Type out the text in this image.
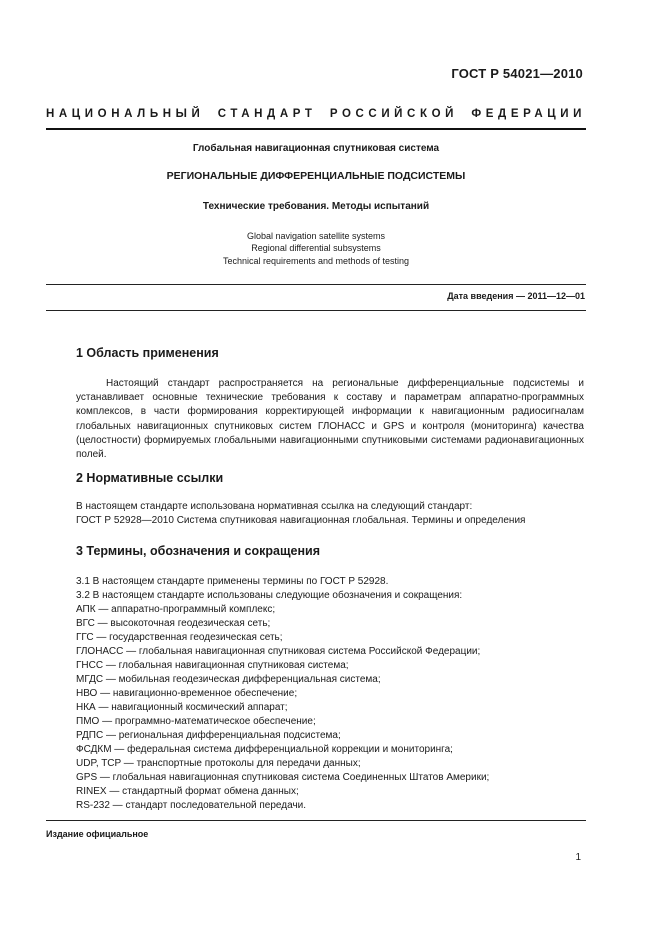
ГОСТ Р 54021—2010
НАЦИОНАЛЬНЫЙ СТАНДАРТ РОССИЙСКОЙ ФЕДЕРАЦИИ
Глобальная навигационная спутниковая система
РЕГИОНАЛЬНЫЕ ДИФФЕРЕНЦИАЛЬНЫЕ ПОДСИСТЕМЫ
Технические требования. Методы испытаний
Global navigation satellite systems
Regional differential subsystems
Technical requirements and methods of testing
Дата введения — 2011—12—01
1 Область применения
Настоящий стандарт распространяется на региональные дифференциальные подсистемы и устанавливает основные технические требования к составу и параметрам аппаратно-программных комплексов, в части формирования корректирующей информации к навигационным радиосигналам глобальных навигационных спутниковых систем ГЛОНАСС и GPS и контроля (мониторинга) качества (целостности) формируемых глобальными навигационными спутниковыми системами радионавигационных полей.
2 Нормативные ссылки
В настоящем стандарте использована нормативная ссылка на следующий стандарт:
ГОСТ Р 52928—2010 Система спутниковая навигационная глобальная. Термины и определения
3 Термины, обозначения и сокращения
3.1 В настоящем стандарте применены термины по ГОСТ Р 52928.
3.2 В настоящем стандарте использованы следующие обозначения и сокращения:
АПК — аппаратно-программный комплекс;
ВГС — высокоточная геодезическая сеть;
ГГС — государственная геодезическая сеть;
ГЛОНАСС — глобальная навигационная спутниковая система Российской Федерации;
ГНСС — глобальная навигационная спутниковая система;
МГДС — мобильная геодезическая дифференциальная система;
НВО — навигационно-временное обеспечение;
НКА — навигационный космический аппарат;
ПМО — программно-математическое обеспечение;
РДПС — региональная дифференциальная подсистема;
ФСДКМ — федеральная система дифференциальной коррекции и мониторинга;
UDP, TCP — транспортные протоколы для передачи данных;
GPS — глобальная навигационная спутниковая система Соединенных Штатов Америки;
RINEX — стандартный формат обмена данных;
RS-232 — стандарт последовательной передачи.
Издание официальное
1
